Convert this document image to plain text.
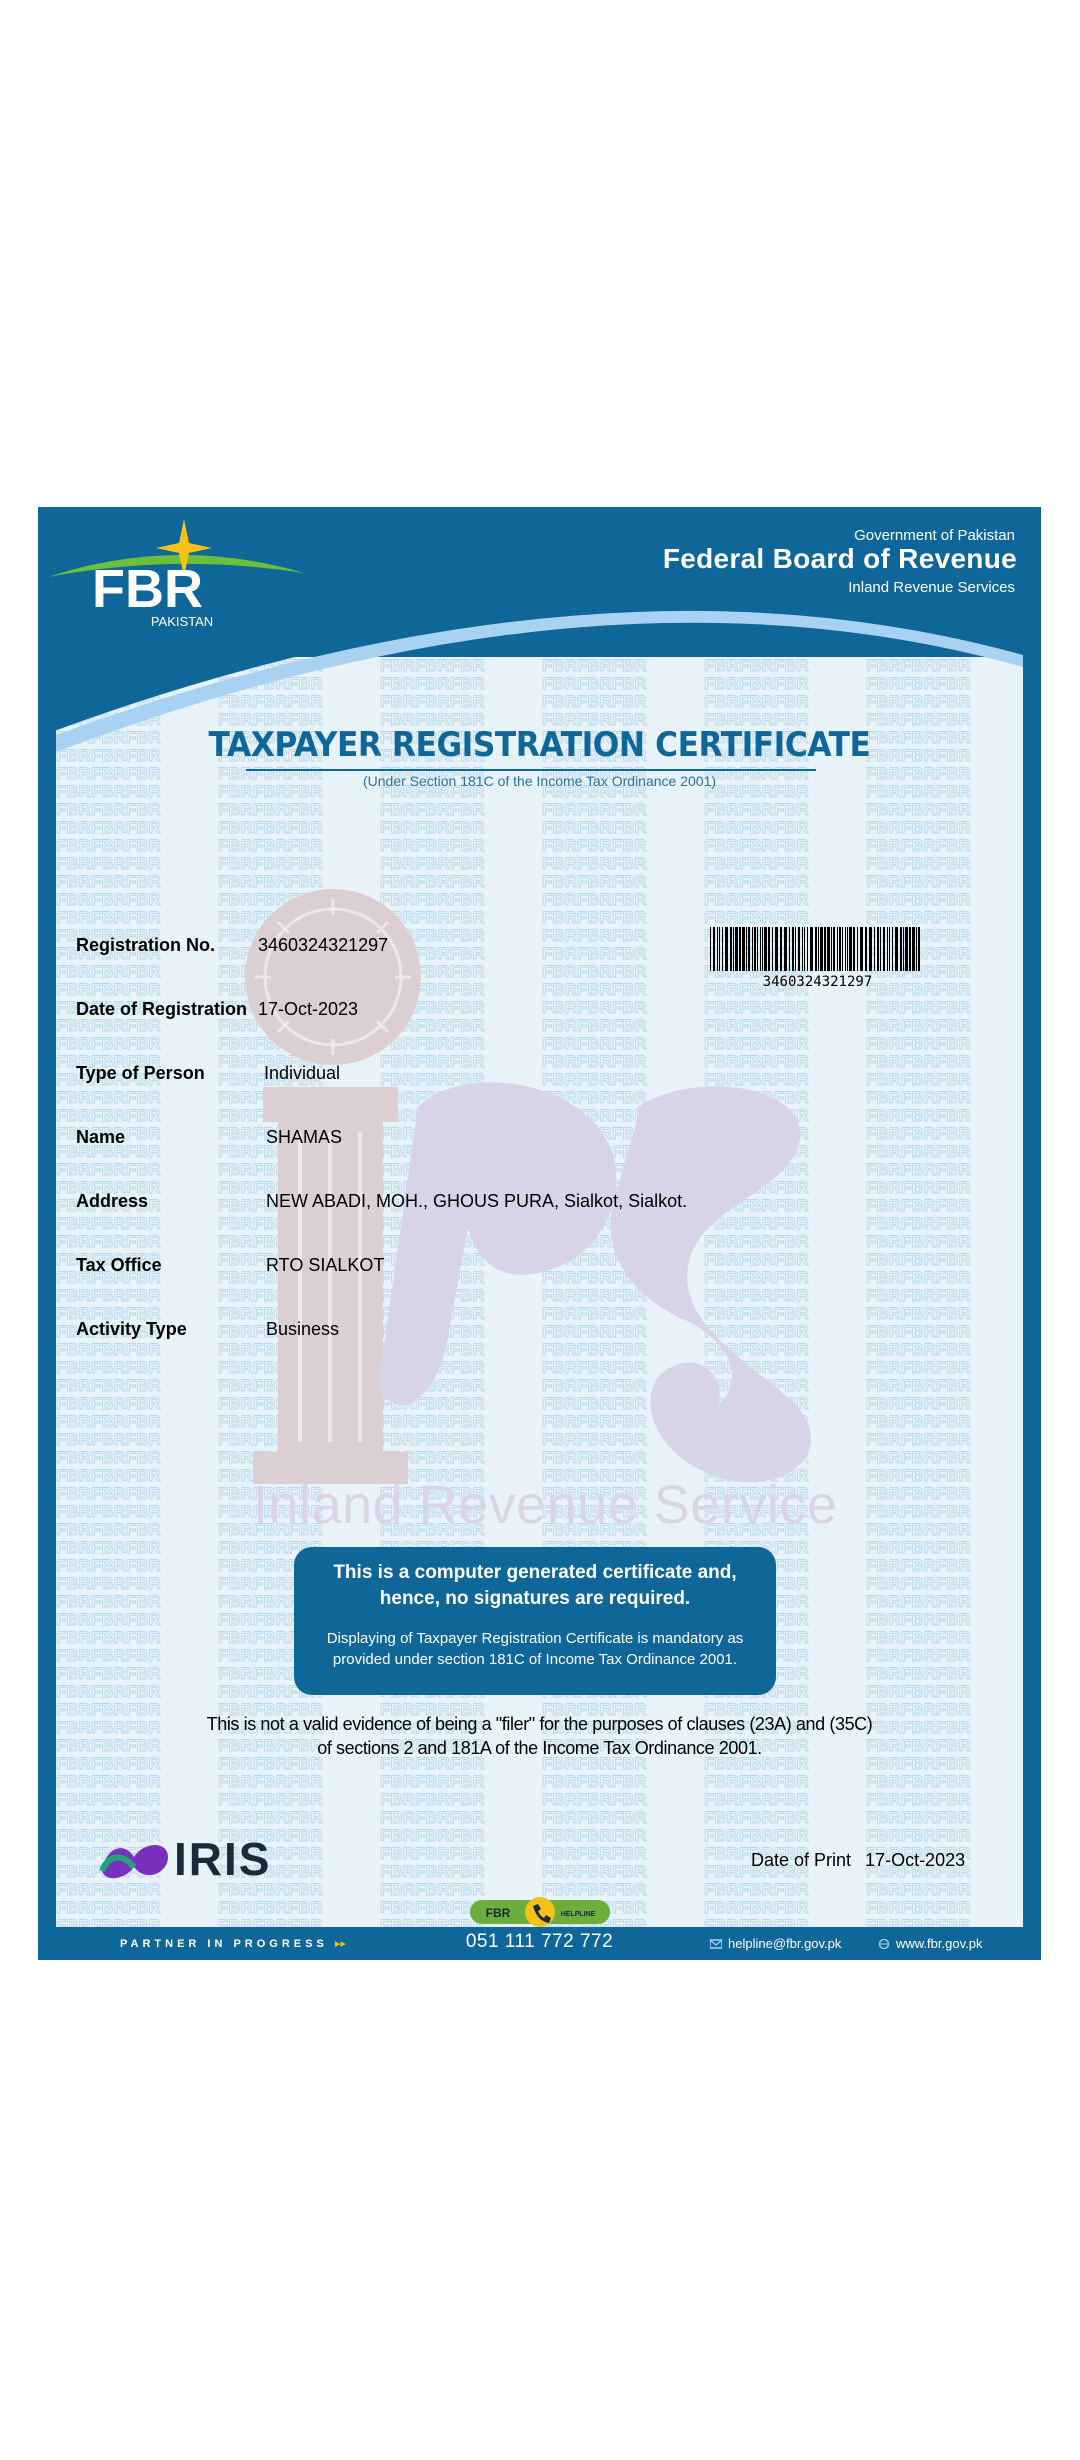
Inland Revenue Service
FBR
PAKISTAN
Government of Pakistan
Federal Board of Revenue
Inland Revenue Services
TAXPAYER REGISTRATION CERTIFICATE
(Under Section 181C of the Income Tax Ordinance 2001)
Registration No. 3460324321297
Date of Registration 17-Oct-2023
Type of Person	Individual
Name	SHAMAS
Address	NEW ABADI, MOH., GHOUS PURA, Sialkot, Sialkot.
Tax Office	RTO SIALKOT
Activity Type	Business
3460324321297
This is a computer generated certificate and,
hence, no signatures are required.
Displaying of Taxpayer Registration Certificate is mandatory as
provided under section 181C of Income Tax Ordinance 2001.
This is not a valid evidence of being a "filer" for the purposes of clauses (23A) and (35C)
of sections 2 and 181A of the Income Tax Ordinance 2001.
IRIS	Date of Print 17-Oct-2023
FBR	HELPLINE
PARTNER IN PROGRESS ▸▸	051 111 772 772	helpline@fbr.gov.pk	www.fbr.gov.pk
